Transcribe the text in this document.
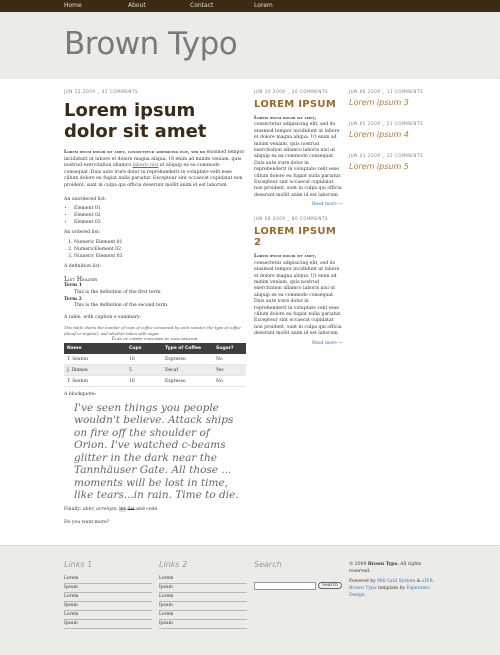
Home	About	Contact	Lorem
Brown Typo
JUN 12 2009 _ 42 COMMENTS
Lorem ipsum dolor sit amet
Lorem ipsum dolor sit amet, consectetur adipisicing elit, sed do eiusmod tempor incididunt ut labore et dolore magna aliqua. Ut enim ad minim veniam, quis nostrud exercitation ullamco laboris nisi ut aliquip ex ea commodo consequat. Duis aute irure dolor in reprehenderit in voluptate velit esse cillum dolore eu fugiat nulla pariatur. Excepteur sint occaecat cupidatat non proident, sunt in culpa qui officia deserunt mollit anim id est laborum.
An unordered list:
• Element 01
• Element 02
• Element 03
An ordered list:
1. Numeric Element 01
2. NumericElement 02
3. Numeric Element 03
A definition list:
List Header
Term 1
This is the definition of the first term.
Term 2
This is the definition of the second term.
A table, with caption e summary:
This table charts the number of cups of coffee consumed by each senator, the type of coffee (decaf or regular), and whether taken with sugar.
Cups of coffee consumed by each senator.
Name	Cups	Type of Coffee	Sugar?
T. Sexton	10	Espresso	No
J. Dinnen	5	Decaf	Yes
T. Sexton	10	Espresso	No
A blockquote:
I've seen things you people wouldn't believe. Attack ships on fire off the shoulder of Orion. I've watched c-beams glitter in the dark near the Tannhäuser Gate. All those ... moments will be lost in time, like tears...in rain. Time to die.
Finally: abbr, acronym, ins del and code.
Do you want more?
JUN 10 2009 _ 20 COMMENTS
LOREM IPSUM
Lorem ipsum dolor sit amet, consectetur adipisicing elit, sed do eiusmod tempor incididunt ut labore et dolore magna aliqua. Ut enim ad minim veniam, quis nostrud exercitation ullamco laboris nisi ut aliquip ex ea commodo consequat. Duis aute irure dolor in reprehenderit in voluptate velit esse cillum dolore eu fugiat nulla pariatur. Excepteur sint occaecat cupidatat non proident, sunt in culpa qui officia deserunt mollit anim id est laborum.
Read more →
JUN 08 2009 _ 80 COMMENTS
LOREM IPSUM 2
Lorem ipsum dolor sit amet, consectetur adipisicing elit, sed do eiusmod tempor incididunt ut labore et dolore magna aliqua. Ut enim ad minim veniam, quis nostrud exercitation ullamco laboris nisi ut aliquip ex ea commodo consequat. Duis aute irure dolor in reprehenderit in voluptate velit esse cillum dolore eu fugiat nulla pariatur. Excepteur sint occaecat cupidatat non proident, sunt in culpa qui officia deserunt mollit anim id est laborum.
Read more →
JUN 06 2009 _ 11 COMMENTS
Lorem ipsum 3
JUN 05 2009 _ 21 COMMENTS
Lorem ipsum 4
JUN 01 2009 _ 22 COMMENTS
Lorem ipsum 5
Links 1
Lorem
Ipsum
Lorem
Ipsum
Lorem
Ipsum
Links 2
Lorem
Ipsum
Lorem
Ipsum
Lorem
Ipsum
Search
Search
© 2009 Brown Typo. All rights reserved.
Powered by 960 Grid System & sIFR. Brown Typo template by Esperanto Design.
